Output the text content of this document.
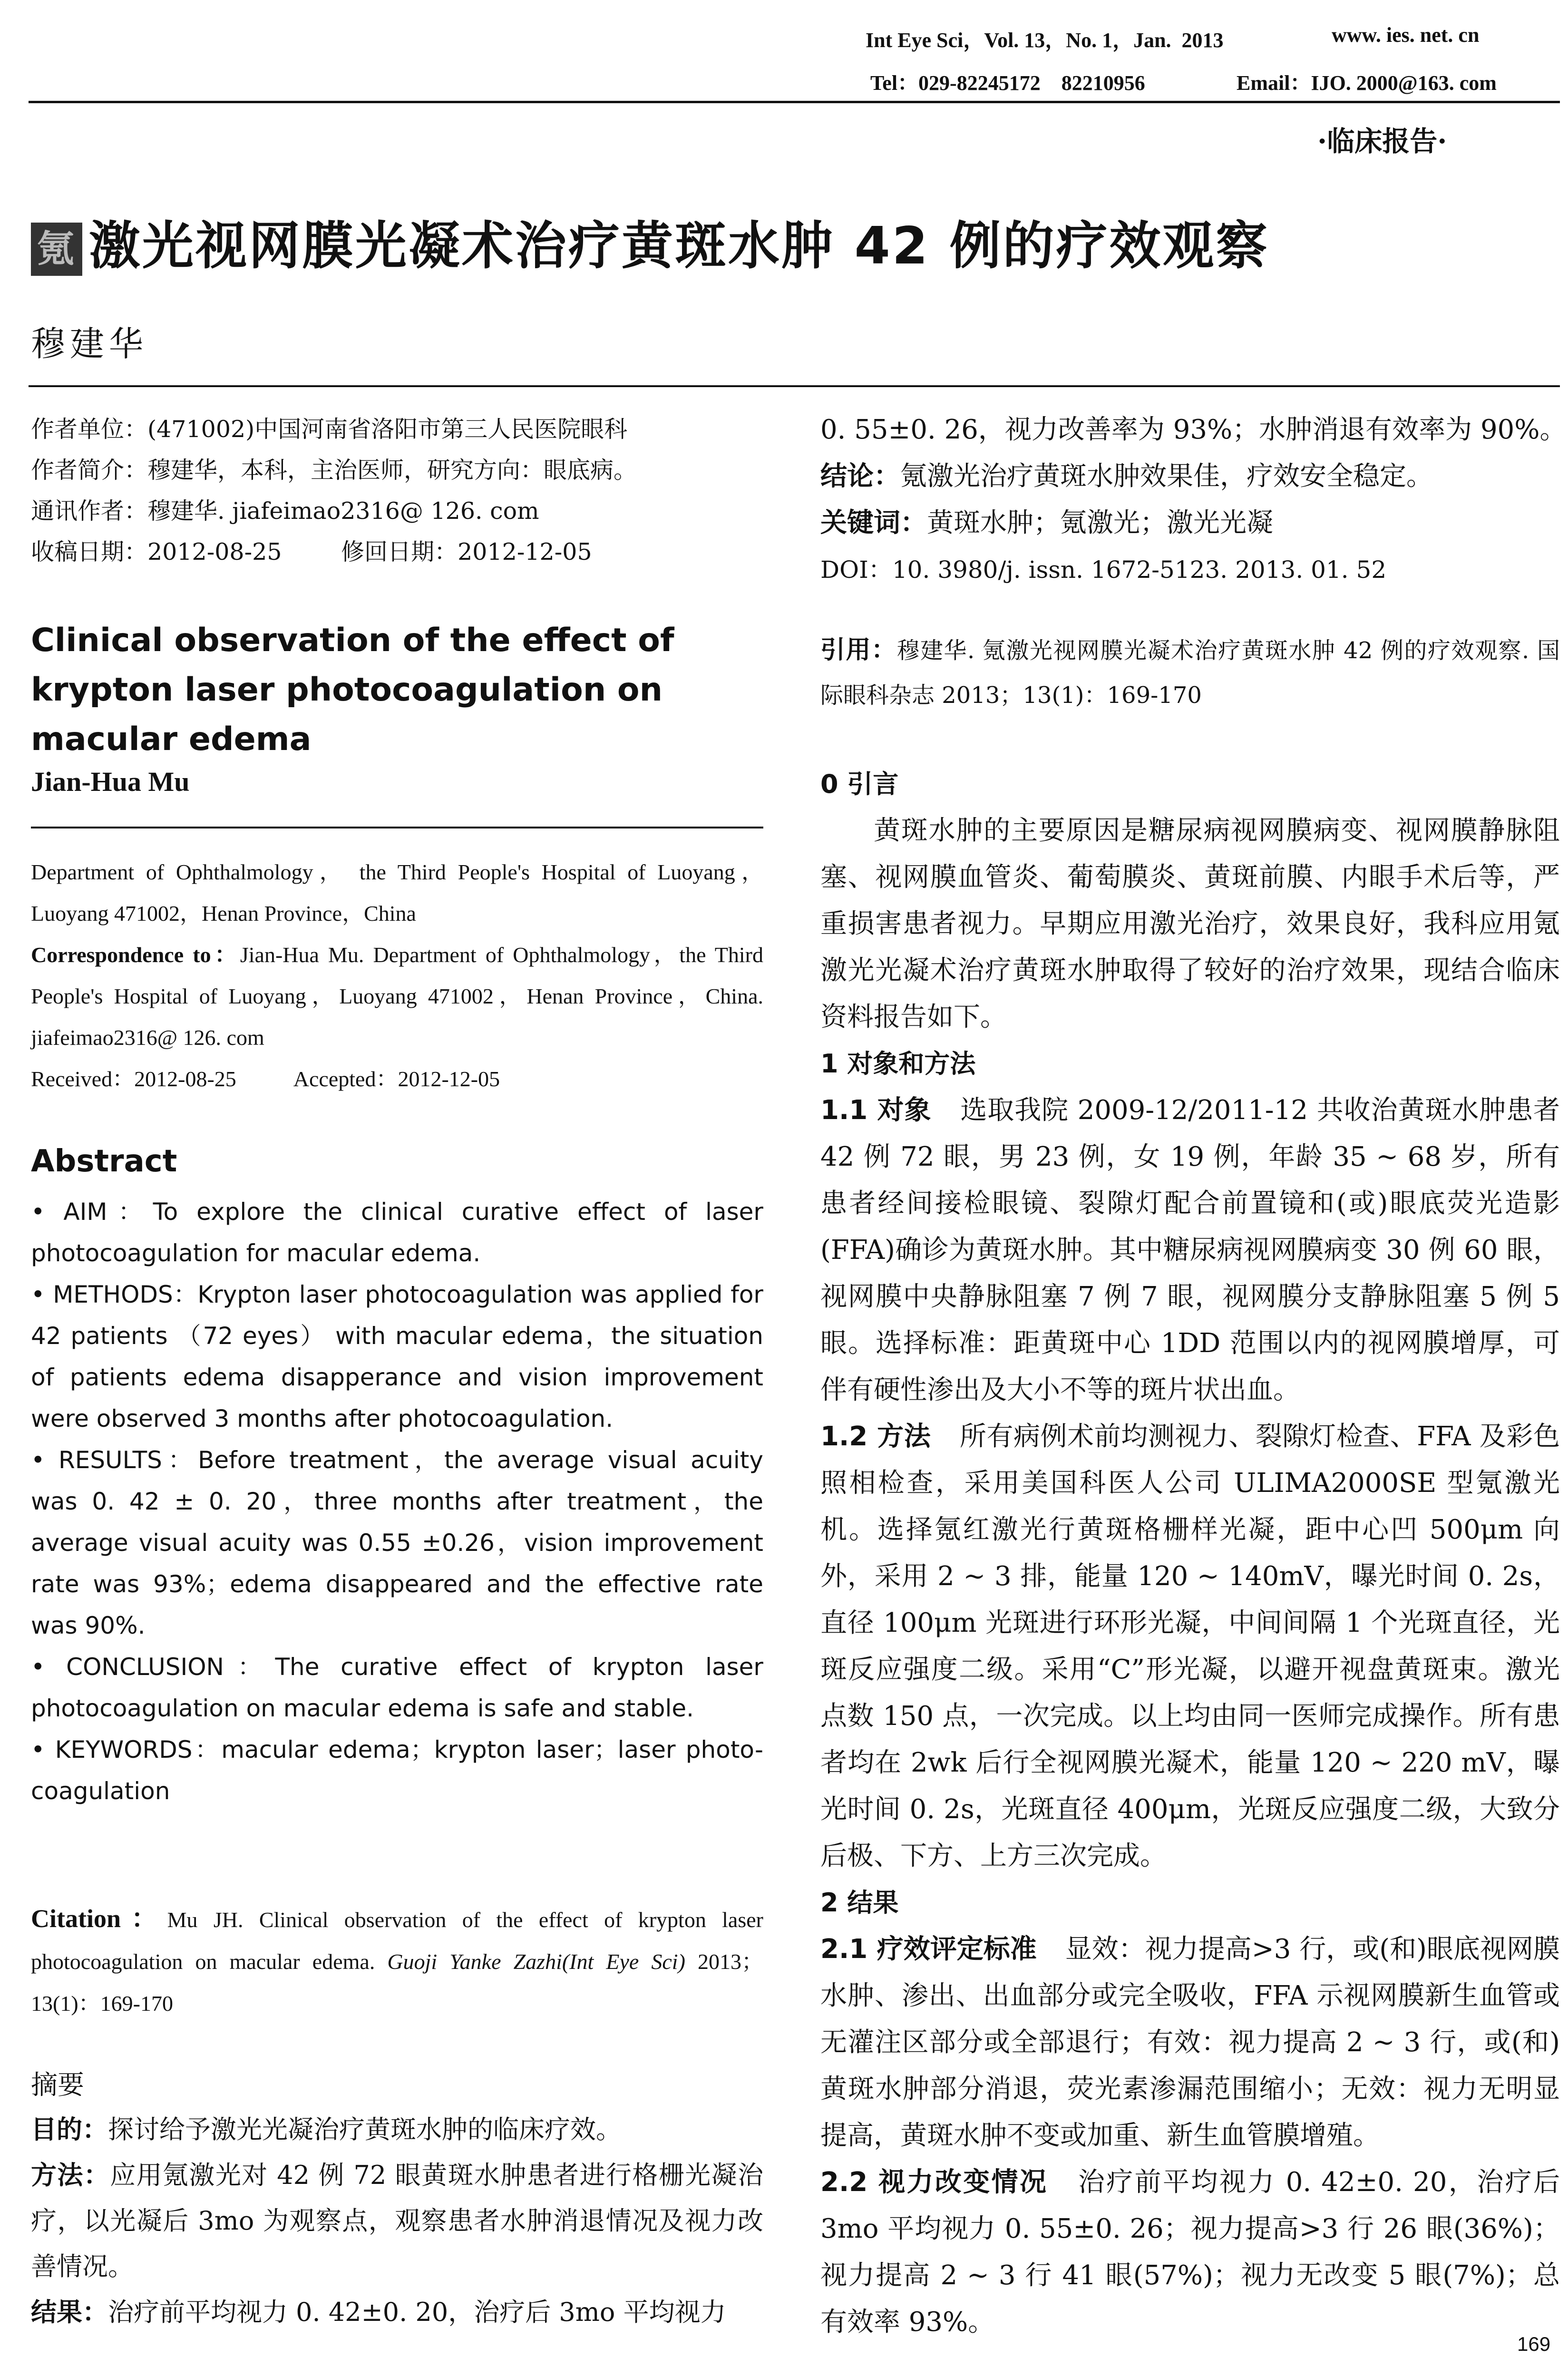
Int Eye Sci，Vol. 13，No. 1，Jan.  2013	www. ies. net. cn
Tel：029-82245172    82210956	Email：IJO. 2000@163. com
·临床报告·
氪 激光视网膜光凝术治疗黄斑水肿 42 例的疗效观察
穆建华
作者单位：(471002)中国河南省洛阳市第三人民医院眼科
作者简介：穆建华，本科，主治医师，研究方向：眼底病。
通讯作者：穆建华. jiafeimao2316@ 126. com
收稿日期：2012-08-25        修回日期：2012-12-05
Clinical observation of the effect of krypton laser photocoagulation on macular edema
Jian-Hua Mu
Department of Ophthalmology， the Third People's Hospital of Luoyang，Luoyang 471002，Henan Province，China
Correspondence to：Jian-Hua Mu. Department of Ophthalmology，the Third People's Hospital of Luoyang，Luoyang 471002，Henan Province，China. jiafeimao2316@ 126. com
Received：2012-08-25	Accepted：2012-12-05
Abstract

• AIM：To explore the clinical curative effect of laser photocoagulation for macular edema.

• METHODS：Krypton laser photocoagulation was applied for 42 patients （72 eyes） with macular edema，the situation of patients edema disapperance and vision improvement were observed 3 months after photocoagulation.

• RESULTS：Before treatment，the average visual acuity was 0. 42 ± 0. 20，three months after treatment，the average visual acuity was 0.55 ±0.26，vision improvement rate was 93%；edema disappeared and the effective rate was 90%.

• CONCLUSION：The curative effect of krypton laser photocoagulation on macular edema is safe and stable.

• KEYWORDS：macular edema；krypton laser；laser photo-coagulation

Citation：Mu JH. Clinical observation of the effect of krypton laser photocoagulation on macular edema. Guoji Yanke Zazhi(Int Eye Sci) 2013；13(1)：169-170
摘要

目的：探讨给予激光光凝治疗黄斑水肿的临床疗效。

方法：应用氪激光对 42 例 72 眼黄斑水肿患者进行格栅光凝治疗，以光凝后 3mo 为观察点，观察患者水肿消退情况及视力改善情况。

结果：治疗前平均视力 0. 42±0. 20，治疗后 3mo 平均视力

0. 55±0. 26，视力改善率为 93%；水肿消退有效率为 90%。

结论：氪激光治疗黄斑水肿效果佳，疗效安全稳定。

关键词：黄斑水肿；氪激光；激光光凝

DOI：10. 3980/j. issn. 1672-5123. 2013. 01. 52

引用：穆建华. 氪激光视网膜光凝术治疗黄斑水肿 42 例的疗效观察. 国际眼科杂志 2013；13(1)：169-170

0 引言

黄斑水肿的主要原因是糖尿病视网膜病变、视网膜静脉阻塞、视网膜血管炎、葡萄膜炎、黄斑前膜、内眼手术后等，严重损害患者视力。早期应用激光治疗，效果良好，我科应用氪激光光凝术治疗黄斑水肿取得了较好的治疗效果，现结合临床资料报告如下。

1 对象和方法

1.1 对象 选取我院 2009-12/2011-12 共收治黄斑水肿患者 42 例 72 眼，男 23 例，女 19 例，年龄 35 ~ 68 岁，所有患者经间接检眼镜、裂隙灯配合前置镜和(或)眼底荧光造影(FFA)确诊为黄斑水肿。其中糖尿病视网膜病变 30 例 60 眼，视网膜中央静脉阻塞 7 例 7 眼，视网膜分支静脉阻塞 5 例 5 眼。选择标准：距黄斑中心 1DD 范围以内的视网膜增厚，可伴有硬性渗出及大小不等的斑片状出血。

1.2 方法 所有病例术前均测视力、裂隙灯检查、FFA 及彩色照相检查，采用美国科医人公司 ULIMA2000SE 型氪激光机。选择氪红激光行黄斑格栅样光凝，距中心凹 500μm 向外，采用 2 ~ 3 排，能量 120 ~ 140mV，曝光时间 0. 2s，直径 100μm 光斑进行环形光凝，中间间隔 1 个光斑直径，光斑反应强度二级。采用“C”形光凝，以避开视盘黄斑束。激光点数 150 点，一次完成。以上均由同一医师完成操作。所有患者均在 2wk 后行全视网膜光凝术，能量 120 ~ 220 mV，曝光时间 0. 2s，光斑直径 400μm，光斑反应强度二级，大致分后极、下方、上方三次完成。

2 结果

2.1 疗效评定标准 显效：视力提高>3 行，或(和)眼底视网膜水肿、渗出、出血部分或完全吸收，FFA 示视网膜新生血管或无灌注区部分或全部退行；有效：视力提高 2 ~ 3 行，或(和)黄斑水肿部分消退，荧光素渗漏范围缩小；无效：视力无明显提高，黄斑水肿不变或加重、新生血管膜增殖。

2.2 视力改变情况 治疗前平均视力 0. 42±0. 20，治疗后 3mo 平均视力 0. 55±0. 26；视力提高>3 行 26 眼(36%)；视力提高 2 ~ 3 行 41 眼(57%)；视力无改变 5 眼(7%)；总有效率 93%。

169
